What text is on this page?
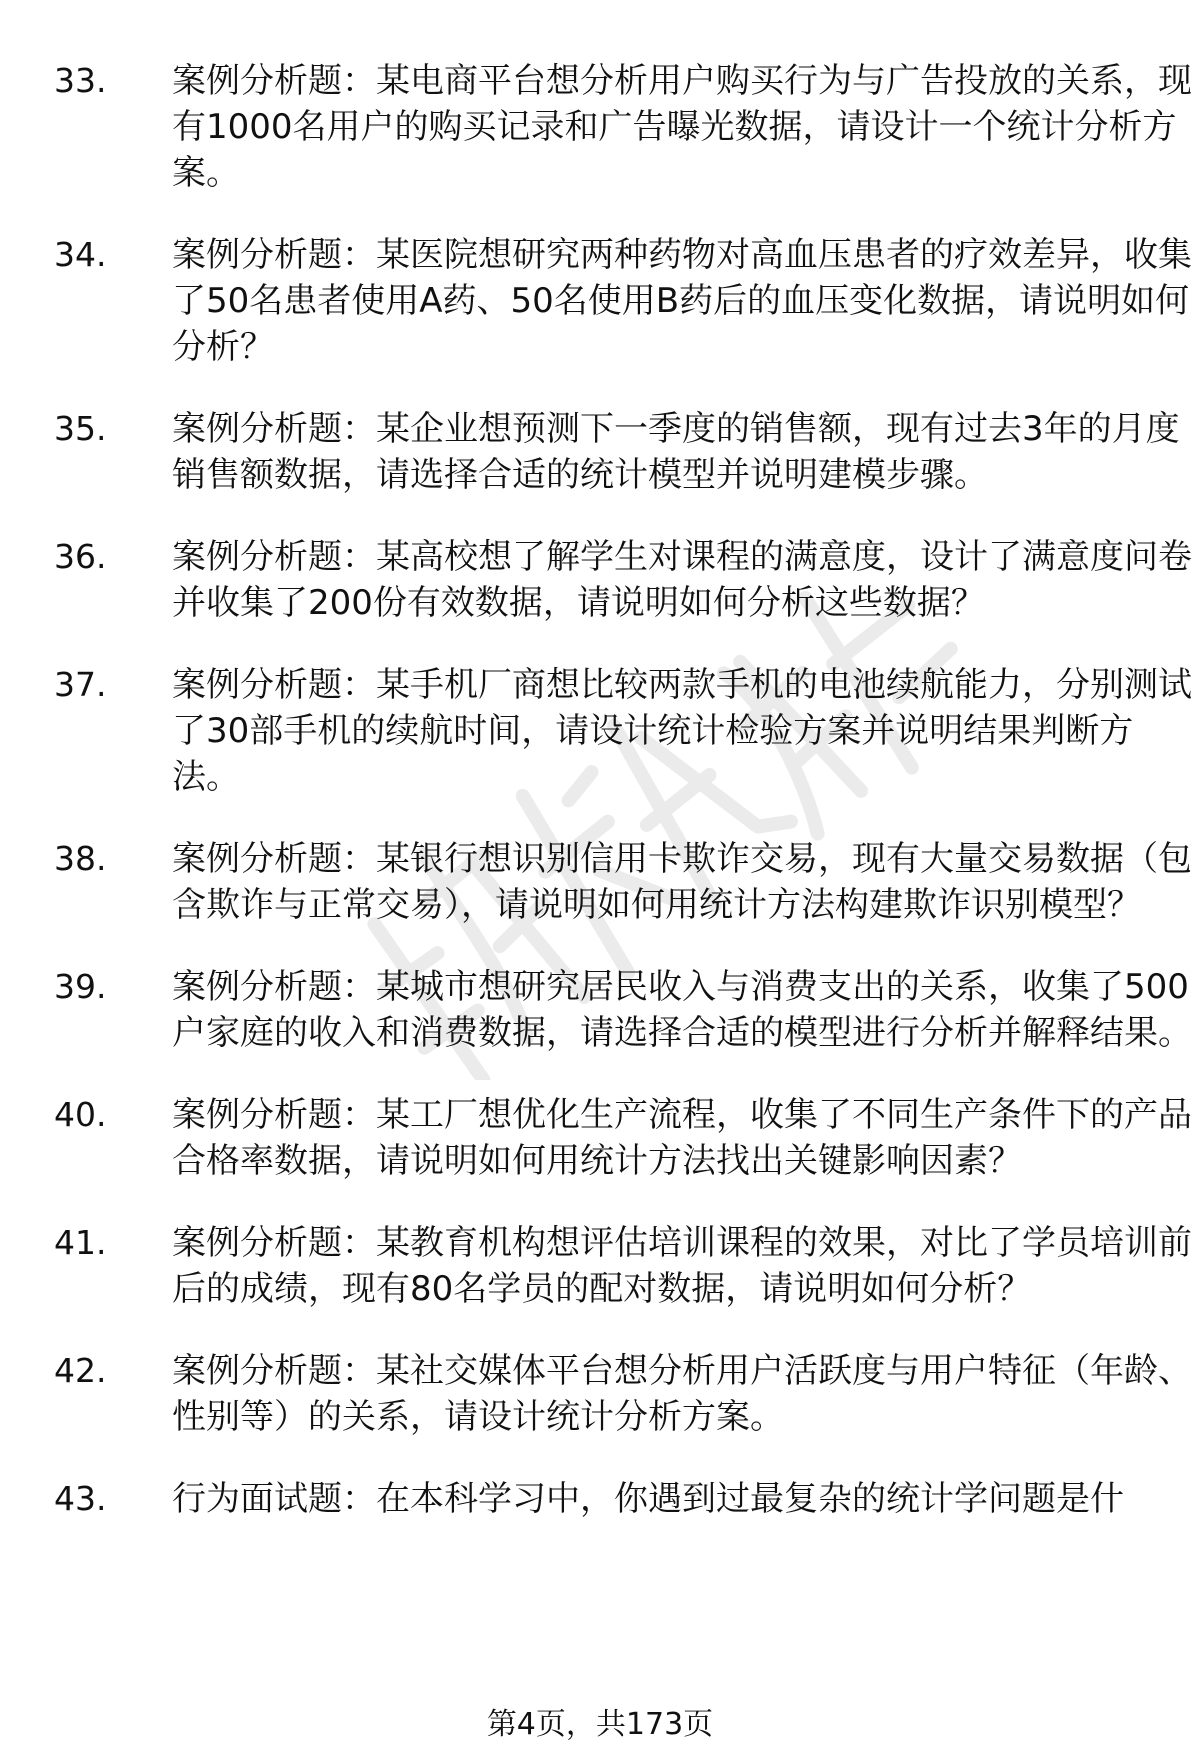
33.	案例分析题：某电商平台想分析用户购买行为与广告投放的关系，现有1000名用户的购买记录和广告曝光数据，请设计一个统计分析方案。
34.	案例分析题：某医院想研究两种药物对高血压患者的疗效差异，收集了50名患者使用A药、50名使用B药后的血压变化数据，请说明如何分析？
35.	案例分析题：某企业想预测下一季度的销售额，现有过去3年的月度销售额数据，请选择合适的统计模型并说明建模步骤。
36.	案例分析题：某高校想了解学生对课程的满意度，设计了满意度问卷并收集了200份有效数据，请说明如何分析这些数据？
37.	案例分析题：某手机厂商想比较两款手机的电池续航能力，分别测试了30部手机的续航时间，请设计统计检验方案并说明结果判断方法。
38.	案例分析题：某银行想识别信用卡欺诈交易，现有大量交易数据（包含欺诈与正常交易），请说明如何用统计方法构建欺诈识别模型？
39.	案例分析题：某城市想研究居民收入与消费支出的关系，收集了500户家庭的收入和消费数据，请选择合适的模型进行分析并解释结果。
40.	案例分析题：某工厂想优化生产流程，收集了不同生产条件下的产品合格率数据，请说明如何用统计方法找出关键影响因素？
41.	案例分析题：某教育机构想评估培训课程的效果，对比了学员培训前后的成绩，现有80名学员的配对数据，请说明如何分析？
42.	案例分析题：某社交媒体平台想分析用户活跃度与用户特征（年龄、性别等）的关系，请设计统计分析方案。
43.	行为面试题：在本科学习中，你遇到过最复杂的统计学问题是什
第4页，共173页
